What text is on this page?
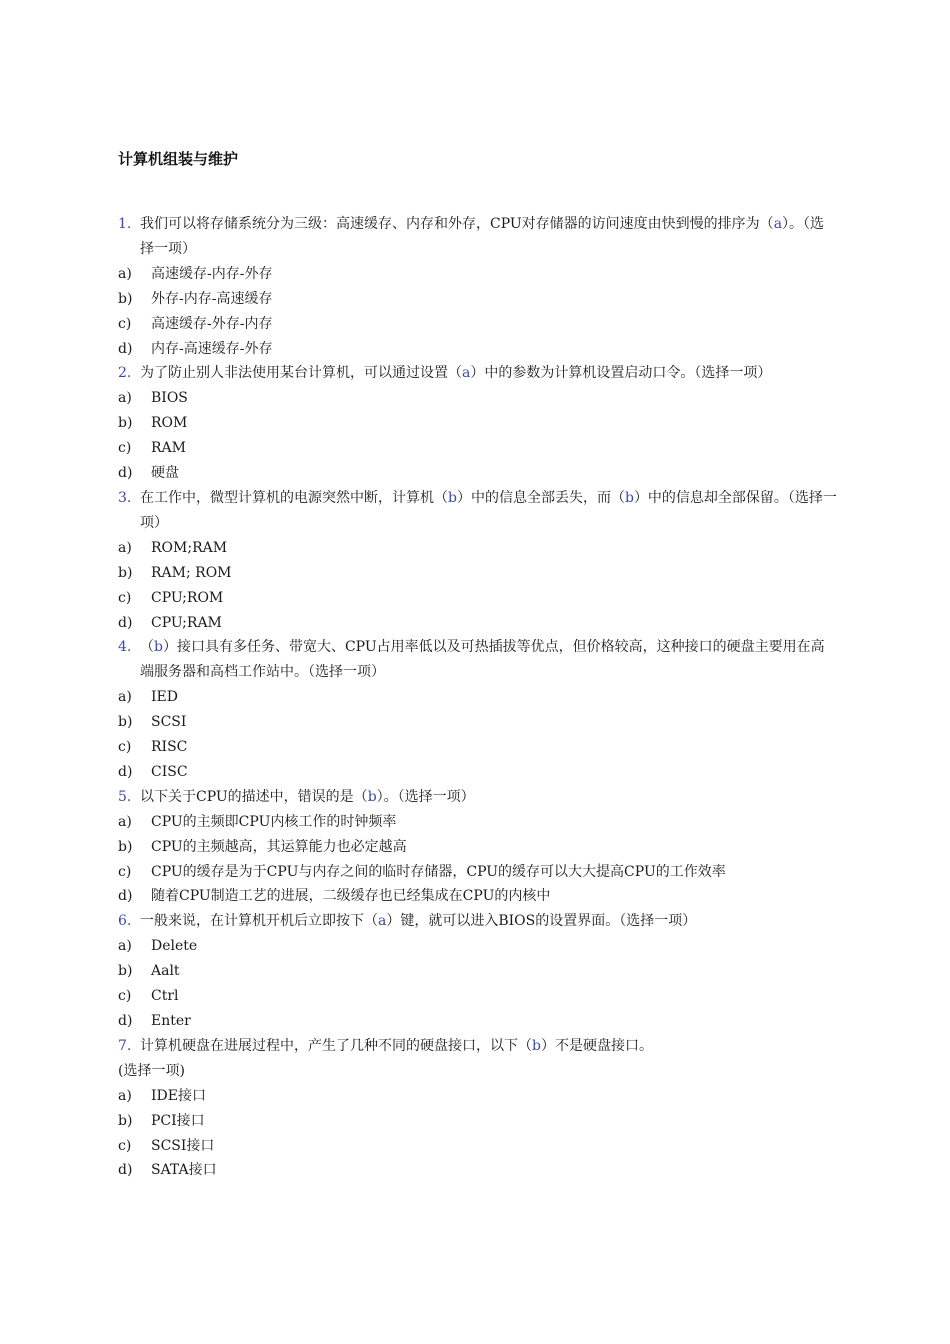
计算机组装与维护
1. 我们可以将存储系统分为三级：高速缓存、内存和外存，CPU对存储器的访问速度由快到慢的排序为（a）。（选择一项）
a) 高速缓存-内存-外存
b) 外存-内存-高速缓存
c) 高速缓存-外存-内存
d) 内存-高速缓存-外存
2. 为了防止别人非法使用某台计算机，可以通过设置（a）中的参数为计算机设置启动口令。（选择一项）
a) BIOS
b) ROM
c) RAM
d) 硬盘
3. 在工作中，微型计算机的电源突然中断，计算机（b）中的信息全部丢失，而（b）中的信息却全部保留。（选择一项）
a) ROM;RAM
b) RAM; ROM
c) CPU;ROM
d) CPU;RAM
4. （b）接口具有多任务、带宽大、CPU占用率低以及可热插拔等优点，但价格较高，这种接口的硬盘主要用在高端服务器和高档工作站中。（选择一项）
a) IED
b) SCSI
c) RISC
d) CISC
5. 以下关于CPU的描述中，错误的是（b）。（选择一项）
a) CPU的主频即CPU内核工作的时钟频率
b) CPU的主频越高，其运算能力也必定越高
c) CPU的缓存是为于CPU与内存之间的临时存储器，CPU的缓存可以大大提高CPU的工作效率
d) 随着CPU制造工艺的进展，二级缓存也已经集成在CPU的内核中
6. 一般来说，在计算机开机后立即按下（a）键，就可以进入BIOS的设置界面。（选择一项）
a) Delete
b) Aalt
c) Ctrl
d) Enter
7. 计算机硬盘在进展过程中，产生了几种不同的硬盘接口，以下（b）不是硬盘接口。
(选择一项)
a) IDE接口
b) PCI接口
c) SCSI接口
d) SATA接口
